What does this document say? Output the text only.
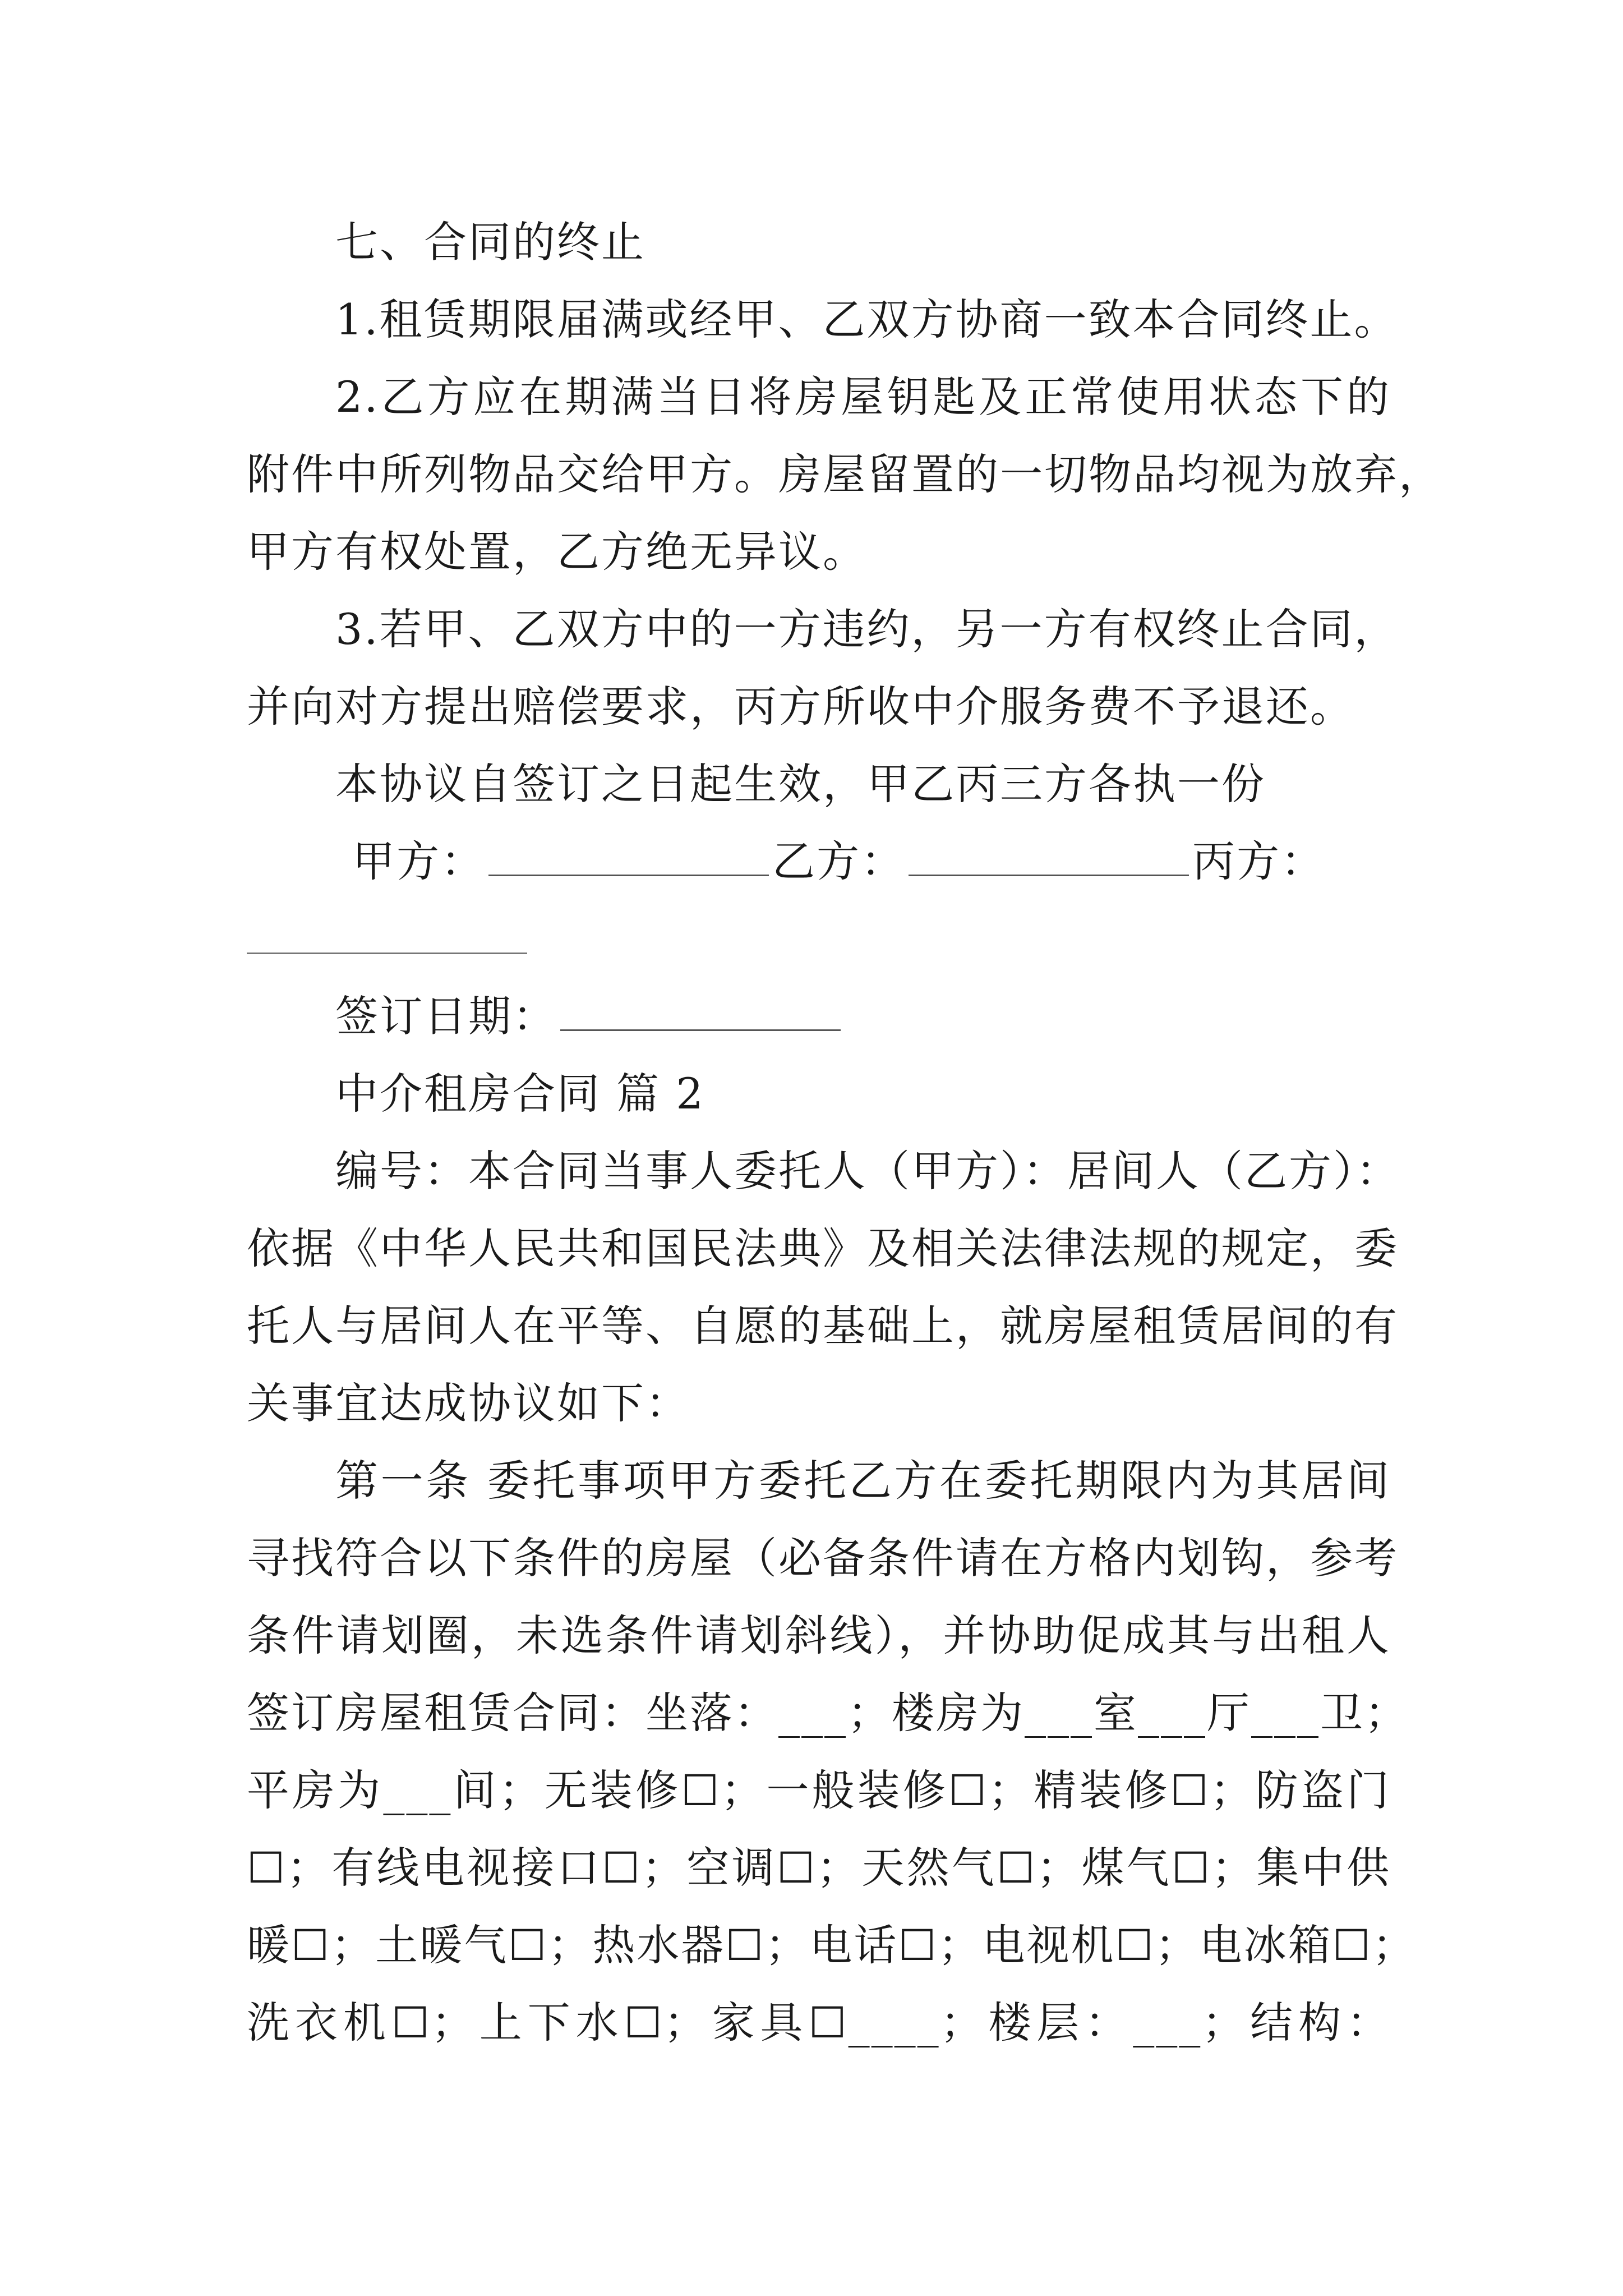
七、合同的终止
1.租赁期限届满或经甲、乙双方协商一致本合同终止。
2.乙方应在期满当日将房屋钥匙及正常使用状态下的
附件中所列物品交给甲方。房屋留置的一切物品均视为放弃，
甲方有权处置，乙方绝无异议。
3.若甲、乙双方中的一方违约，另一方有权终止合同，
并向对方提出赔偿要求，丙方所收中介服务费不予退还。
本协议自签订之日起生效，甲乙丙三方各执一份
甲方：	乙方：	丙方：
签订日期：
中介租房合同 篇 2
编号：本合同当事人委托人（甲方）：居间人（乙方）：
依据《中华人民共和国民法典》及相关法律法规的规定，委
托人与居间人在平等、自愿的基础上，就房屋租赁居间的有
关事宜达成协议如下：
第一条 委托事项甲方委托乙方在委托期限内为其居间
寻找符合以下条件的房屋（必备条件请在方格内划钩，参考
条件请划圈，未选条件请划斜线），并协助促成其与出租人
签订房屋租赁合同：坐落：___；楼房为___室___厅___卫；
平房为___间；无装修☐；一般装修☐；精装修☐；防盗门
☐；有线电视接口☐；空调☐；天然气☐；煤气☐；集中供
暖☐；土暖气☐；热水器☐；电话☐；电视机☐；电冰箱☐；
洗衣机☐；上下水☐；家具☐____；楼层：___；结构：
